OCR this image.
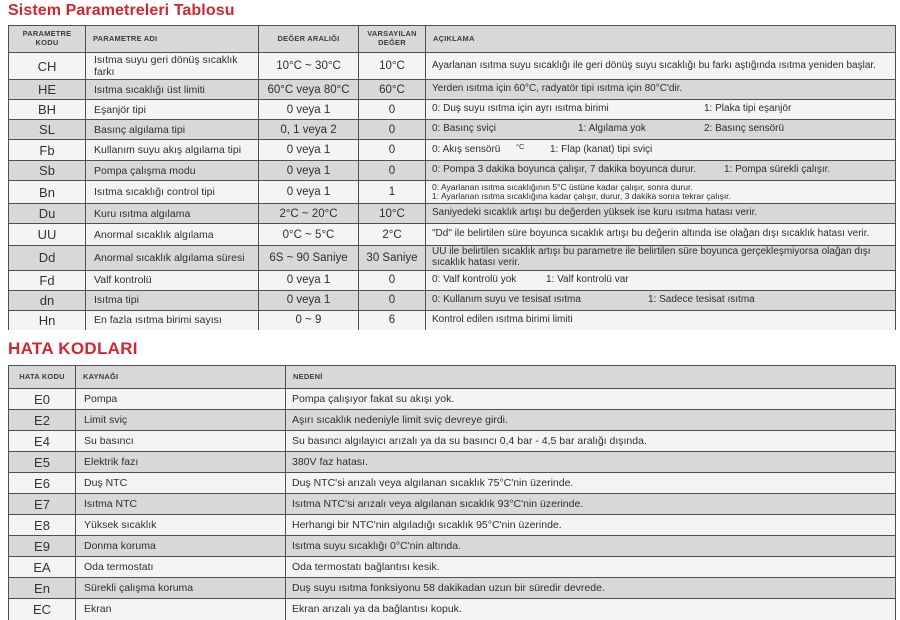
Sistem Parametreleri Tablosu
PARAMETRE KODU	PARAMETRE ADI	DEĞER ARALIĞI	VARSAYILAN DEĞER	AÇIKLAMA
CH	Isıtma suyu geri dönüş sıcaklık farkı	10°C ~ 30°C	10°C	Ayarlanan ısıtma suyu sıcaklığı ile geri dönüş suyu sıcaklığı bu farkı aştığında ısıtma yeniden başlar.
HE	Isıtma sıcaklığı üst limiti	60°C veya 80°C	60°C	Yerden ısıtma için 60°C, radyatör tipi ısıtma için 80°C'dir.
BH	Eşanjör tipi	0 veya 1	0	0: Duş suyu ısıtma için ayrı ısıtma birimi 1: Plaka tipi eşanjör
SL	Basınç algılama tipi	0, 1 veya 2	0	0: Basınç sviçi 1: Algılama yok 2: Basınç sensörü
Fb	Kullanım suyu akış algılama tipi	0 veya 1	0	0: Akış sensörü °C 1: Flap (kanat) tipi sviçi
Sb	Pompa çalışma modu	0 veya 1	0	0: Pompa 3 dakika boyunca çalışır, 7 dakika boyunca durur. 1: Pompa sürekli çalışır.
Bn	Isıtma sıcaklığı control tipi	0 veya 1	1	0: Ayarlanan ısıtma sıcaklığının 5°C üstüne kadar çalışır, sonra durur.
1: Ayarlanan ısıtma sıcaklığına kadar çalışır, durur, 3 dakika sonra tekrar çalışır.

Du	Kuru ısıtma algılama	2°C ~ 20°C	10°C	Saniyedeki sıcaklık artışı bu değerden yüksek ise kuru ısıtma hatası verir.
UU	Anormal sıcaklık algılama	0°C ~ 5°C	2°C	"Dd" ile belirtilen süre boyunca sıcaklık artışı bu değerin altında ise olağan dışı sıcaklık hatası verir.
Dd	Anormal sıcaklık algılama süresi	6S ~ 90 Saniye	30 Saniye	UU ile belirtilen sıcaklık artışı bu parametre ile belirtilen süre boyunca gerçekleşmiyorsa olağan dışı sıcaklık hatası verir.
Fd	Valf kontrolü	0 veya 1	0	0: Valf kontrolü yok 1: Valf kontrolü var
dn	Isıtma tipi	0 veya 1	0	0: Kullanım suyu ve tesisat ısıtma 1: Sadece tesisat ısıtma
Hn	En fazla ısıtma birimi sayısı	0 ~ 9	6	Kontrol edilen ısıtma birimi limiti
HATA KODLARI
HATA KODU	KAYNAĞI	NEDENİ
E0	Pompa	Pompa çalışıyor fakat su akışı yok.
E2	Limit sviç	Aşırı sıcaklık nedeniyle limit sviç devreye girdi.
E4	Su basıncı	Su basıncı algılayıcı arızalı ya da su basıncı 0,4 bar - 4,5 bar aralığı dışında.
E5	Elektrik fazı	380V faz hatası.
E6	Duş NTC	Duş NTC'si arızalı veya algılanan sıcaklık 75°C'nin üzerinde.
E7	Isıtma NTC	Isıtma NTC'si arızalı veya algılanan sıcaklık 93°C'nin üzerinde.
E8	Yüksek sıcaklık	Herhangi bir NTC'nin algıladığı sıcaklık 95°C'nin üzerinde.
E9	Donma koruma	Isıtma suyu sıcaklığı 0°C'nin altında.
EA	Oda termostatı	Oda termostatı bağlantısı kesik.
En	Sürekli çalışma koruma	Duş suyu ısıtma fonksiyonu 58 dakikadan uzun bir süredir devrede.
EC	Ekran	Ekran arızalı ya da bağlantısı kopuk.
